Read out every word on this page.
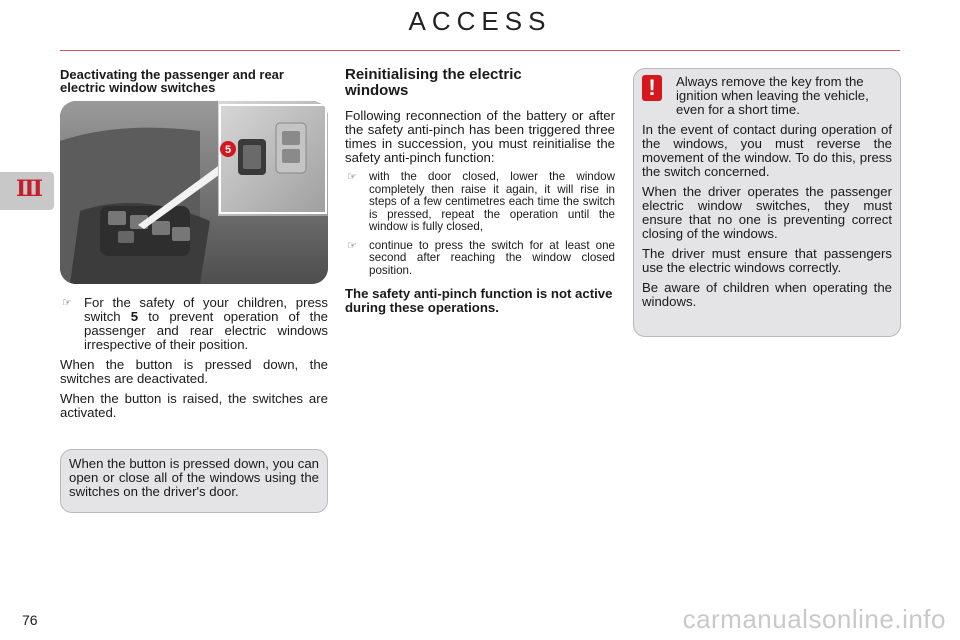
ACCESS
III
Deactivating the passenger and rear electric window switches
5
☞ For the safety of your children, press switch 5 to prevent operation of the passenger and rear electric windows irrespective of their position.

When the button is pressed down, the switches are deactivated.

When the button is raised, the switches are activated.

When the button is pressed down, you can open or close all of the windows using the switches on the driver's door.

Reinitialising the electric windows

Following reconnection of the battery or after the safety anti-pinch has been triggered three times in succession, you must reinitialise the safety anti-pinch function:

☞ with the door closed, lower the window completely then raise it again, it will rise in steps of a few centimetres each time the switch is pressed, repeat the operation until the window is fully closed,
☞ continue to press the switch for at least one second after reaching the window closed position.

The safety anti-pinch function is not active during these operations.

!	Always remove the key from the ignition when leaving the vehicle, even for a short time.

In the event of contact during operation of the windows, you must reverse the movement of the window. To do this, press the switch concerned.

When the driver operates the passenger electric window switches, they must ensure that no one is preventing correct closing of the windows.

The driver must ensure that passengers use the electric windows correctly.

Be aware of children when operating the windows.

76	carmanualsonline.info
